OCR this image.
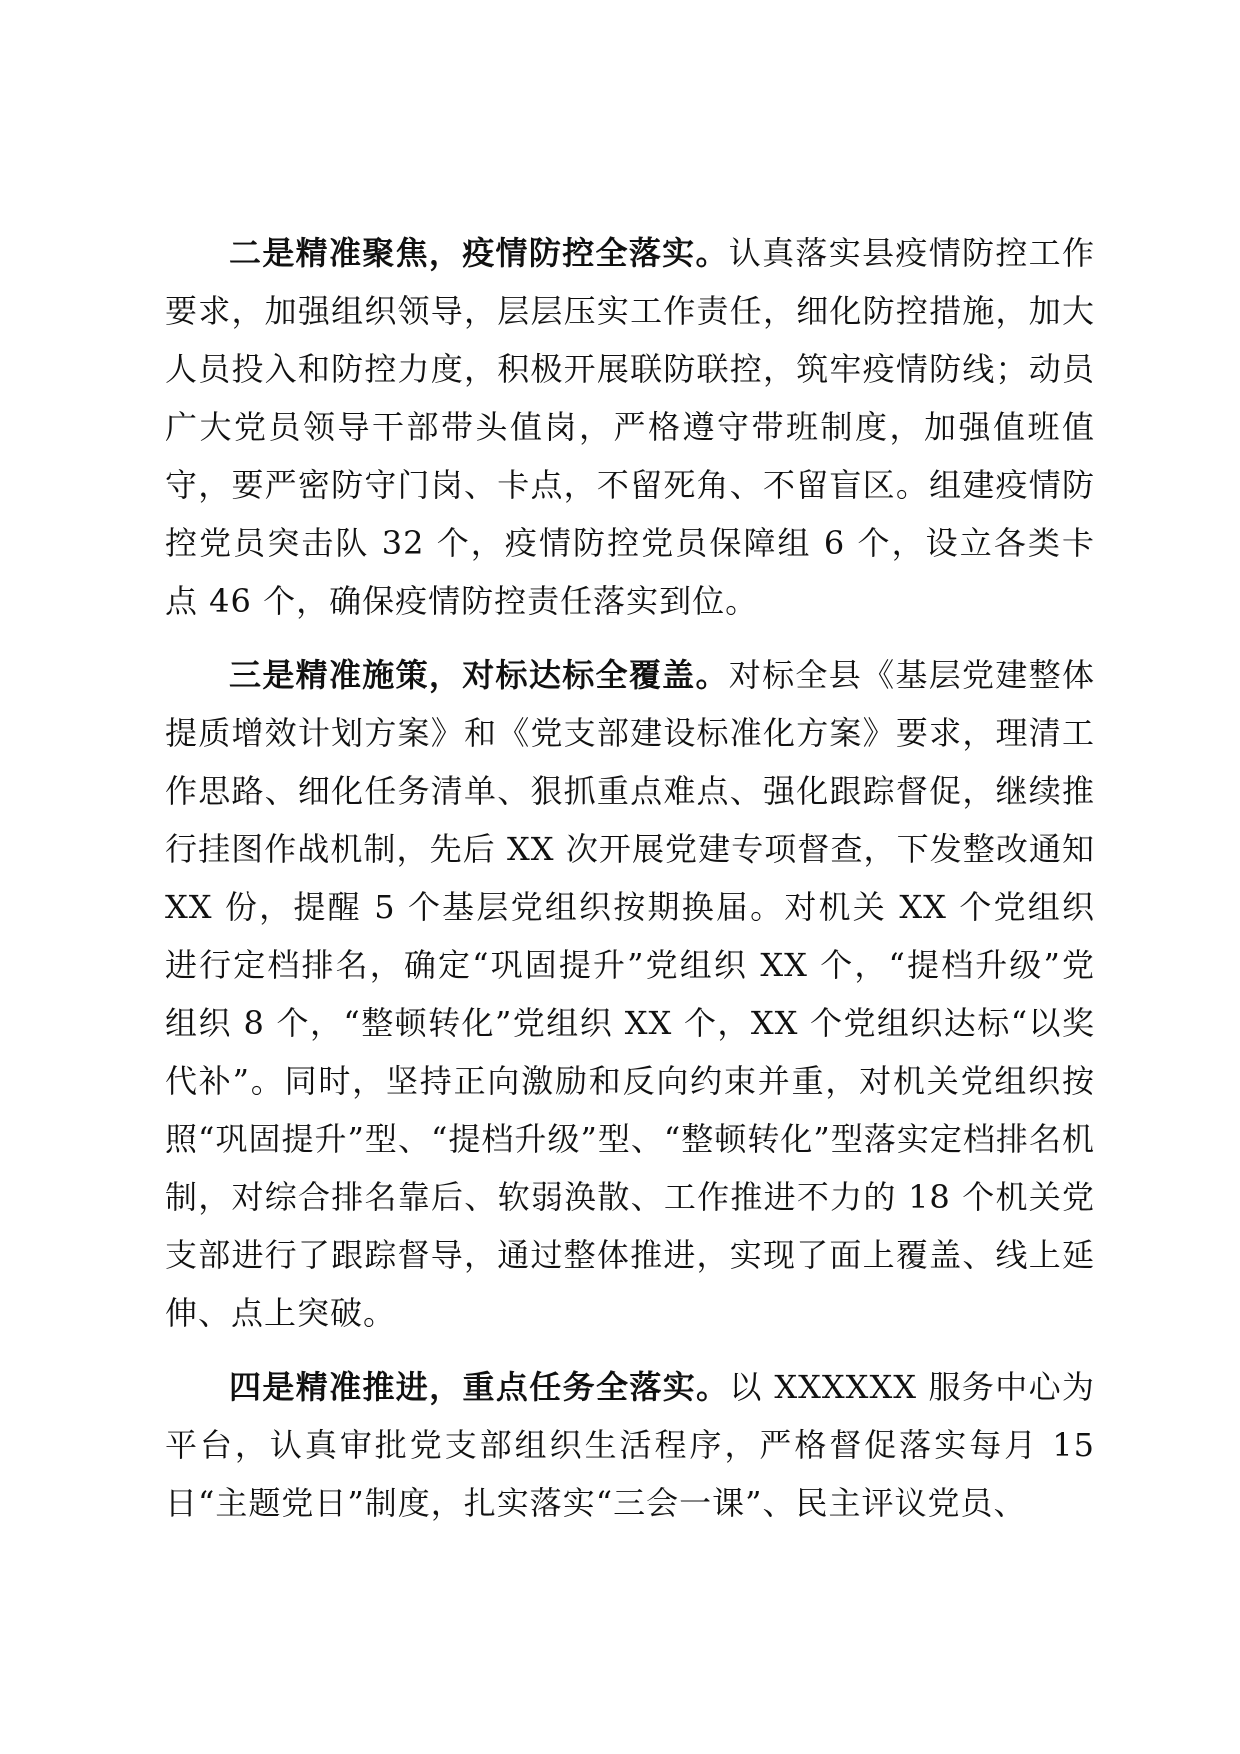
二是精准聚焦，疫情防控全落实。认真落实县疫情防控工作要求，加强组织领导，层层压实工作责任，细化防控措施，加大人员投入和防控力度，积极开展联防联控，筑牢疫情防线；动员广大党员领导干部带头值岗，严格遵守带班制度，加强值班值守，要严密防守门岗、卡点，不留死角、不留盲区。组建疫情防控党员突击队 32 个，疫情防控党员保障组 6 个，设立各类卡点 46 个，确保疫情防控责任落实到位。

三是精准施策，对标达标全覆盖。对标全县《基层党建整体提质增效计划方案》和《党支部建设标准化方案》要求，理清工作思路、细化任务清单、狠抓重点难点、强化跟踪督促，继续推行挂图作战机制，先后 XX 次开展党建专项督查，下发整改通知 XX 份，提醒 5 个基层党组织按期换届。对机关 XX 个党组织进行定档排名，确定“巩固提升”党组织 XX 个，“提档升级”党组织 8 个，“整顿转化”党组织 XX 个，XX 个党组织达标“以奖代补”。同时，坚持正向激励和反向约束并重，对机关党组织按照“巩固提升”型、“提档升级”型、“整顿转化”型落实定档排名机制，对综合排名靠后、软弱涣散、工作推进不力的 18 个机关党支部进行了跟踪督导，通过整体推进，实现了面上覆盖、线上延伸、点上突破。

四是精准推进，重点任务全落实。以 XXXXXX 服务中心为平台，认真审批党支部组织生活程序，严格督促落实每月 15 日“主题党日”制度，扎实落实“三会一课”、民主评议党员、
